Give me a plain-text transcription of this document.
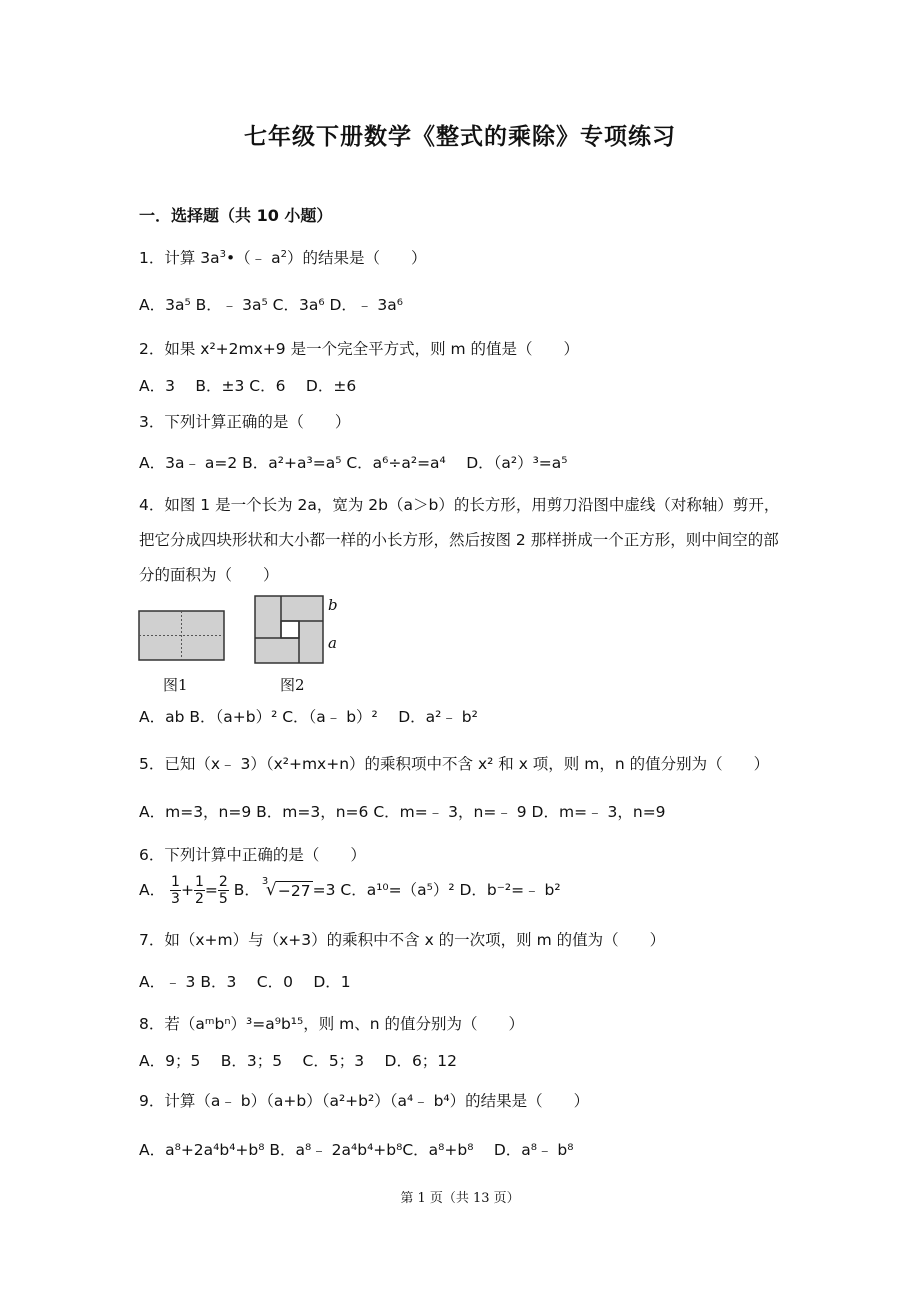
七年级下册数学《整式的乘除》专项练习
一．选择题（共 10 小题）
1．计算 $3a^3•(﹣$ $a^2$）的结果是（　　）
A．3a⁵ B．﹣ 3a⁵ C．3a⁶ D．﹣ 3a⁶
2．如果 x²+2mx+9 是一个完全平方式，则 m 的值是（　　）
A．3　 B．±3 C．6　 D．±6
3．下列计算正确的是（　　）
A．3a﹣ a=2 B．a²+a³=a⁵ C．a⁶÷a²=a⁴　 D．（a²）³=a⁵
4．如图 1 是一个长为 2a，宽为 2b（a＞b）的长方形，用剪刀沿图中虚线（对称轴）剪开，把它分成四块形状和大小都一样的小长方形，然后按图 2 那样拼成一个正方形，则中间空的部分的面积为（　　）
图1
b
a
图2
A．ab B．（a+b）² C．（a﹣ b）²　 D．a²﹣ b²
5．已知（x﹣ 3）（x²+mx+n）的乘积项中不含 x² 和 x 项，则 m，n 的值分别为（　　）
A．m=3，n=9 B．m=3，n=6 C．m=﹣ 3，n=﹣ 9 D．m=﹣ 3，n=9
6．下列计算中正确的是（　　）
A． $\frac{1}{3} + \frac{1}{2} = \frac{2}{5}$ B． 3
√ −27 =3 C．a¹⁰=（a⁵）² D．b⁻²=﹣ b²
7．如（x+m）与（x+3）的乘积中不含 x 的一次项，则 m 的值为（　　）
A．﹣ 3 B．3　 C．0　 D．1
8．若（aᵐbⁿ）³=a⁹b¹⁵，则 m、n 的值分别为（　　）
A．9；5　 B．3；5　 C．5；3　 D．6；12
9．计算（a﹣ b）（a+b）（a²+b²）（a⁴﹣ b⁴）的结果是（　　）
A．a⁸+2a⁴b⁴+b⁸ B．a⁸﹣ 2a⁴b⁴+b⁸C．a⁸+b⁸　 D．a⁸﹣ b⁸
第 1 页（共 13 页）
